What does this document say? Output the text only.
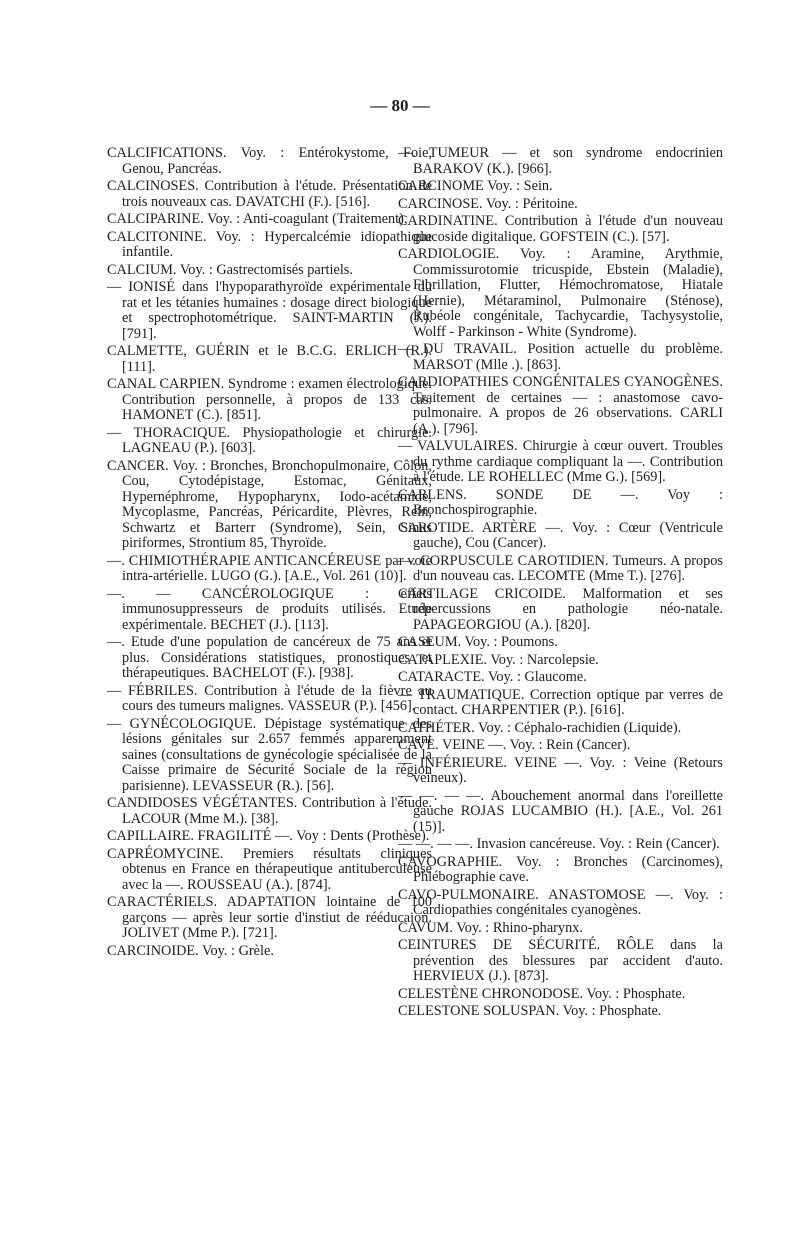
— 80 —

CALCIFICATIONS. Voy. : Entérokystome, Foie, Genou, Pancréas.

CALCINOSES. Contribution à l'étude. Présentation de trois nouveaux cas. DAVATCHI (F.). [516].

CALCIPARINE. Voy. : Anti-coagulant (Traitement).

CALCITONINE. Voy. : Hypercalcémie idiopathique infantile.

CALCIUM. Voy. : Gastrectomisés partiels.

— IONISÉ dans l'hypoparathyroïde expérimentale du rat et les tétanies humaines : dosage direct biologique et spectrophotométrique. SAINT-MARTIN (J.). [791].

CALMETTE, GUÉRIN et le B.C.G. ERLICH (R.). [111].

CANAL CARPIEN. Syndrome : examen électrologique. Contribution personnelle, à propos de 133 cas. HAMONET (C.). [851].

— THORACIQUE. Physiopathologie et chirurgie. LAGNEAU (P.). [603].

CANCER. Voy. : Bronches, Bronchopulmonaire, Côlon, Cou, Cytodépistage, Estomac, Génitaux, Hypernéphrome, Hypopharynx, Iodo-acétamide, Mycoplasme, Pancréas, Péricardite, Plèvres, Rein, Schwartz et Barterr (Syndrome), Sein, Sinus piriformes, Strontium 85, Thyroïde.

—. CHIMIOTHÉRAPIE ANTICANCÉREUSE par voie intra-artérielle. LUGO (G.). [A.E., Vol. 261 (10)].

—. — CANCÉROLOGIQUE : effets immunosuppresseurs de produits utilisés. Etude expérimentale. BECHET (J.). [113].

—. Etude d'une population de cancéreux de 75 ans et plus. Considérations statistiques, pronostiques et thérapeutiques. BACHELOT (F.). [938].

— FÉBRILES. Contribution à l'étude de la fièvre au cours des tumeurs malignes. VASSEUR (P.). [456].

— GYNÉCOLOGIQUE. Dépistage systématique des lésions génitales sur 2.657 femmés apparemment saines (consultations de gynécologie spécialisée de la Caisse primaire de Sécurité Sociale de la région parisienne). LEVASSEUR (R.). [56].

CANDIDOSES VÉGÉTANTES. Contribution à l'étude. LACOUR (Mme M.). [38].

CAPILLAIRE. FRAGILITÉ —. Voy : Dents (Prothèse).

CAPRÉOMYCINE. Premiers résultats cliniques obtenus en France en thérapeutique antituberculeuse avec la —. ROUSSEAU (A.). [874].

CARACTÉRIELS. ADAPTATION lointaine de 100 garçons — après leur sortie d'instiut de rééducaion. JOLIVET (Mme P.). [721].

CARCINOIDE. Voy. : Grèle.

—. TUMEUR — et son syndrome endocrinien BARAKOV (K.). [966].

CARCINOME Voy. : Sein.

CARCINOSE. Voy. : Péritoine.

CARDINATINE. Contribution à l'étude d'un nouveau glucoside digitalique. GOFSTEIN (C.). [57].

CARDIOLOGIE. Voy. : Aramine, Arythmie, Commissurotomie tricuspide, Ebstein (Maladie), Fibrillation, Flutter, Hémochromatose, Hiatale (Hernie), Métaraminol, Pulmonaire (Sténose), Rubéole congénitale, Tachycardie, Tachysystolie, Wolff - Parkinson - White (Syndrome).

— DU TRAVAIL. Position actuelle du problème. MARSOT (Mlle .). [863].

CARDIOPATHIES CONGÉNITALES CYANOGÈNES. Traitement de certaines — : anastomose cavo-pulmonaire. A propos de 26 observations. CARLI (A.). [796].

— VALVULAIRES. Chirurgie à cœur ouvert. Troubles du rythme cardiaque compliquant la —. Contribution à l'étude. LE ROHELLEC (Mme G.). [569].

CARLENS. SONDE DE —. Voy : Bronchospirographie.

CAROTIDE. ARTÈRE —. Voy. : Cœur (Ventricule gauche), Cou (Cancer).

—. CORPUSCULE CAROTIDIEN. Tumeurs. A propos d'un nouveau cas. LECOMTE (Mme T.). [276].

CARTILAGE CRICOIDE. Malformation et ses répercussions en pathologie néo-natale. PAPAGEORGIOU (A.). [820].

CASEUM. Voy. : Poumons.

CATAPLEXIE. Voy. : Narcolepsie.

CATARACTE. Voy. : Glaucome.

— TRAUMATIQUE. Correction optique par verres de contact. CHARPENTIER (P.). [616].

CATHÉTER. Voy. : Céphalo-rachidien (Liquide).

CAVE. VEINE —. Voy. : Rein (Cancer).

— INFÉRIEURE. VEINE —. Voy. : Veine (Retours veineux).

— —. — —. Abouchement anormal dans l'oreillette gauche ROJAS LUCAMBIO (H.). [A.E., Vol. 261 (15)].

— —. — —. Invasion cancéreuse. Voy. : Rein (Cancer).

CAVOGRAPHIE. Voy. : Bronches (Carcinomes), Phlébographie cave.

CAVO-PULMONAIRE. ANASTOMOSE —. Voy. : Cardiopathies congénitales cyanogènes.

CAVUM. Voy. : Rhino-pharynx.

CEINTURES DE SÉCURITÉ. RÔLE dans la prévention des blessures par accident d'auto. HERVIEUX (J.). [873].

CELESTÈNE CHRONODOSE. Voy. : Phosphate.

CELESTONE SOLUSPAN. Voy. : Phosphate.
